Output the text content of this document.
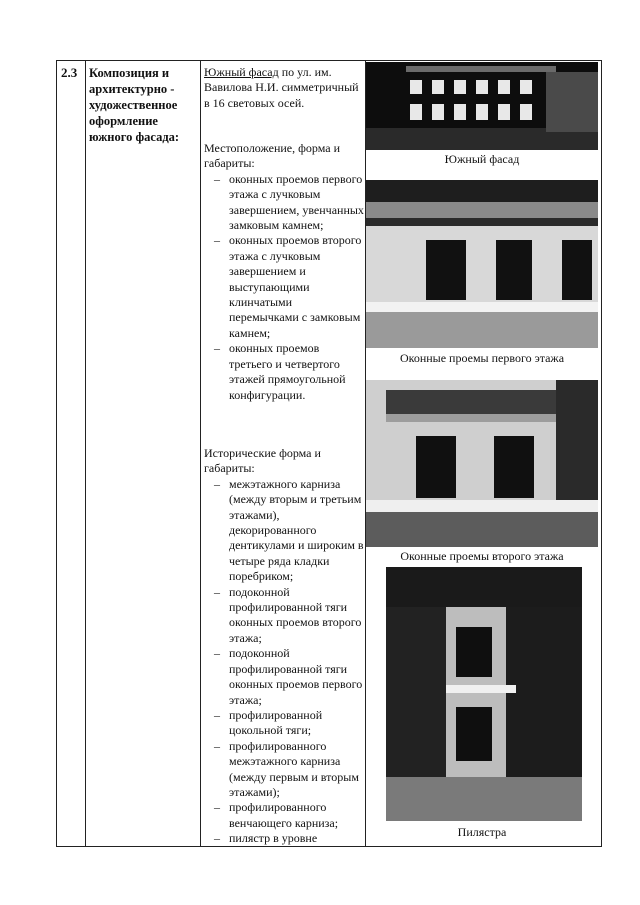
2.3 Композиция и архитектурно - художественное оформление южного фасада:
Южный фасад по ул. им. Вавилова Н.И. симметричный в 16 световых осей.
Местоположение, форма и габариты:
– оконных проемов первого этажа с лучковым завершением, увенчанных замковым камнем;
– оконных проемов второго этажа с лучковым завершением и выступающими клинчатыми перемычками с замковым камнем;
– оконных проемов третьего и четвертого этажей прямоугольной конфигурации.
Исторические форма и габариты:
– межэтажного карниза (между вторым и третьим этажами), декорированного дентикулами и широким в четыре ряда кладки поребриком;
– подоконной профилированной тяги оконных проемов второго этажа;
– подоконной профилированной тяги оконных проемов первого этажа;
– профилированной цокольной тяги;
– профилированного межэтажного карниза (между первым и вторым этажами);
– профилированного венчающего карниза;
– пилястр в уровне
Южный фасад
Оконные проемы первого этажа
Оконные проемы второго этажа
Пилястра
